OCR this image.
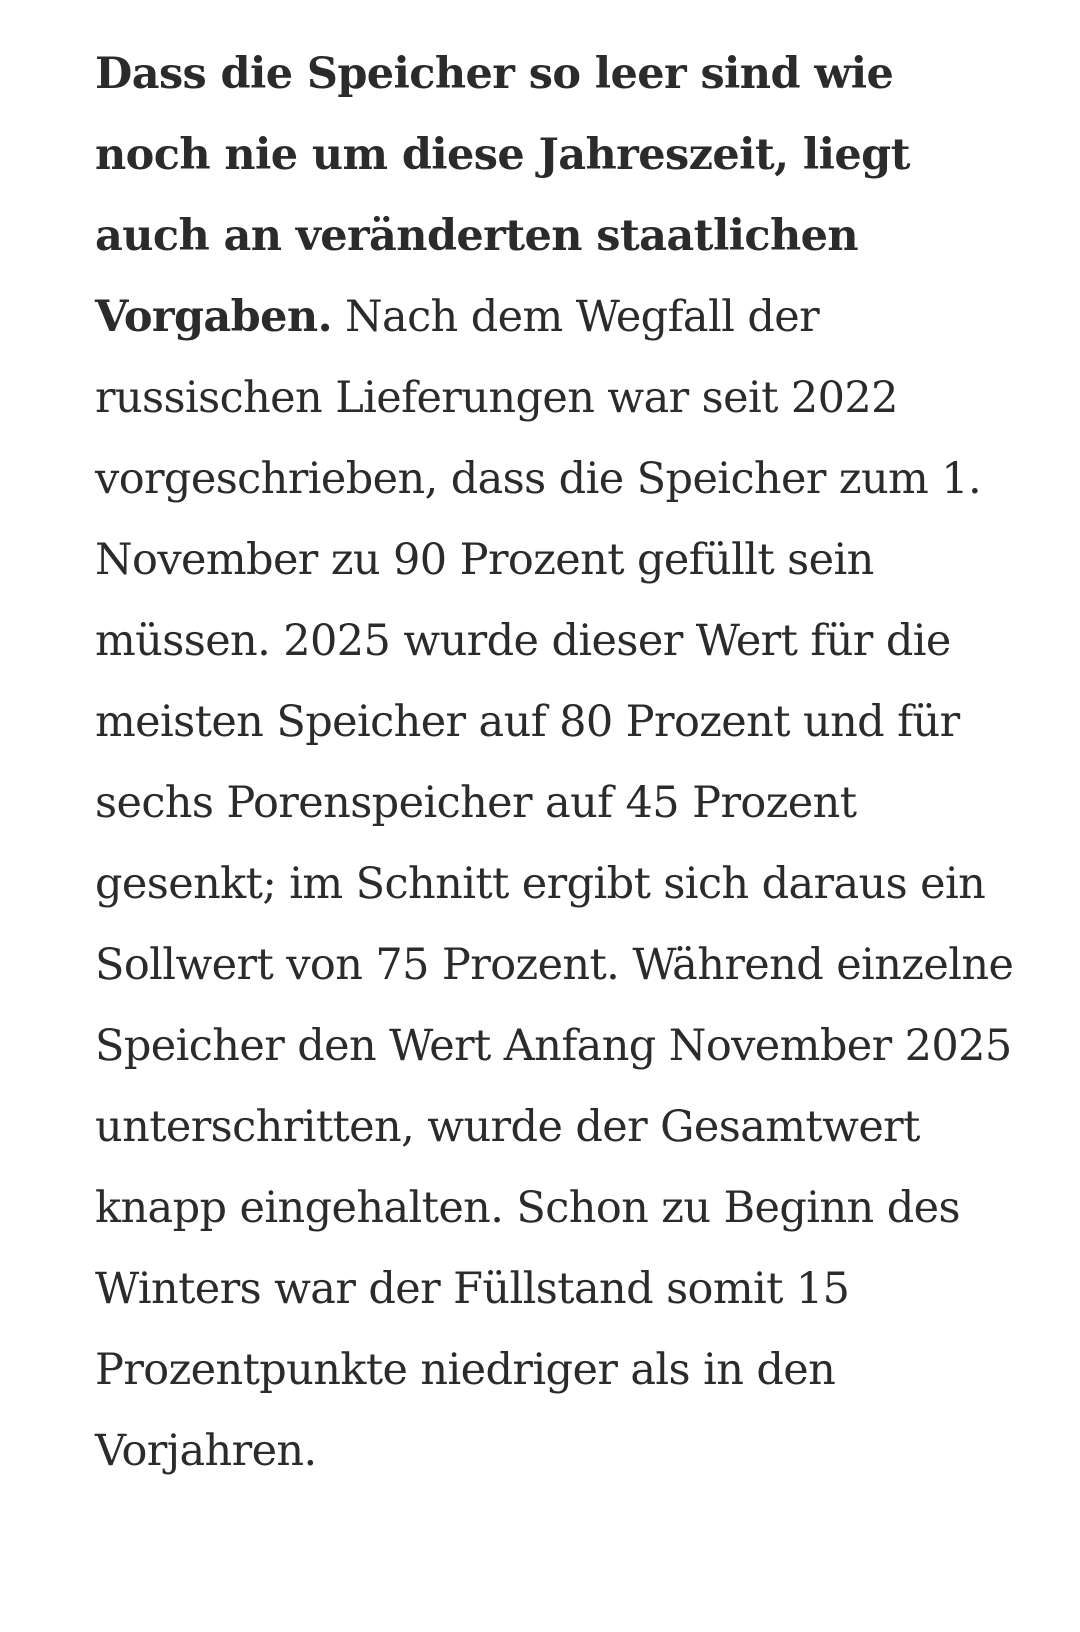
Dass die Speicher so leer sind wie noch nie um diese Jahreszeit, liegt auch an veränderten staatlichen Vorgaben. Nach dem Wegfall der russischen Lieferungen war seit 2022 vorgeschrieben, dass die Speicher zum 1. November zu 90 Prozent gefüllt sein müssen. 2025 wurde dieser Wert für die meisten Speicher auf 80 Prozent und für sechs Porenspeicher auf 45 Prozent gesenkt; im Schnitt ergibt sich daraus ein Sollwert von 75 Prozent. Während einzelne Speicher den Wert Anfang November 2025 unterschritten, wurde der Gesamtwert knapp eingehalten. Schon zu Beginn des Winters war der Füllstand somit 15 Prozentpunkte niedriger als in den Vorjahren.
